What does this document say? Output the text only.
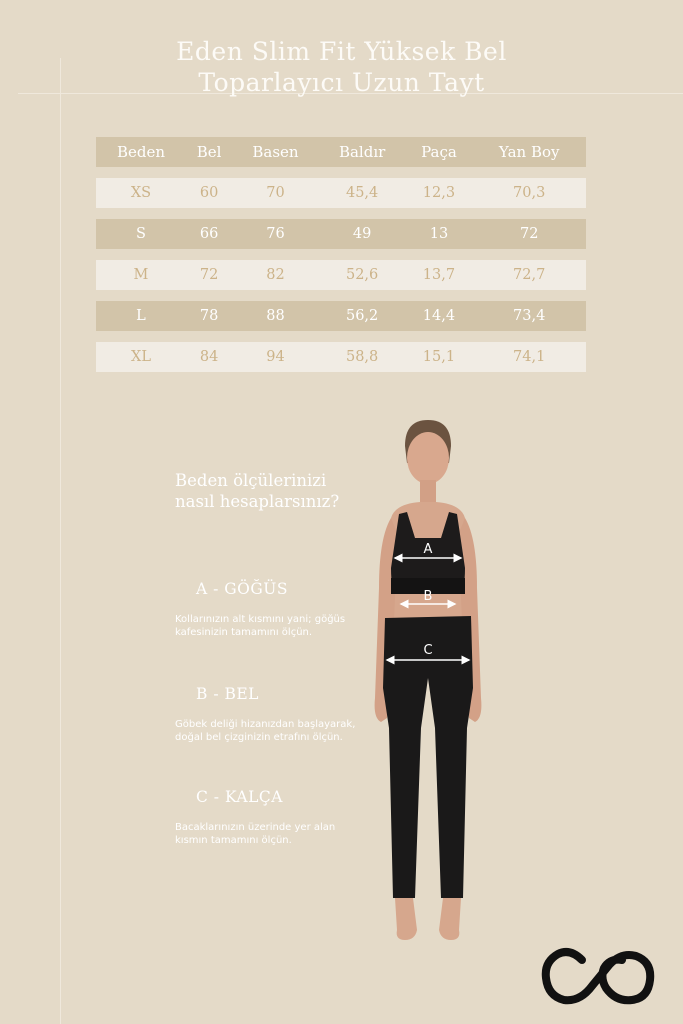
Eden Slim Fit Yüksek Bel
Toparlayıcı Uzun Tayt
Beden	Bel	Basen	Baldır	Paça	Yan Boy
XS	60	70	45,4	12,3	70,3
S	66	76	49	13	72
M	72	82	52,6	13,7	72,7
L	78	88	56,2	14,4	73,4
XL	84	94	58,8	15,1	74,1
Beden ölçülerinizi
nasıl hesaplarsınız?
A - GÖĞÜS
Kollarınızın alt kısmını yani; göğüs kafesinizin tamamını ölçün.
B - BEL
Göbek deliği hizanızdan başlayarak, doğal bel çizginizin etrafını ölçün.
C - KALÇA
Bacaklarınızın üzerinde yer alan kısmın tamamını ölçün.
A
B
C
